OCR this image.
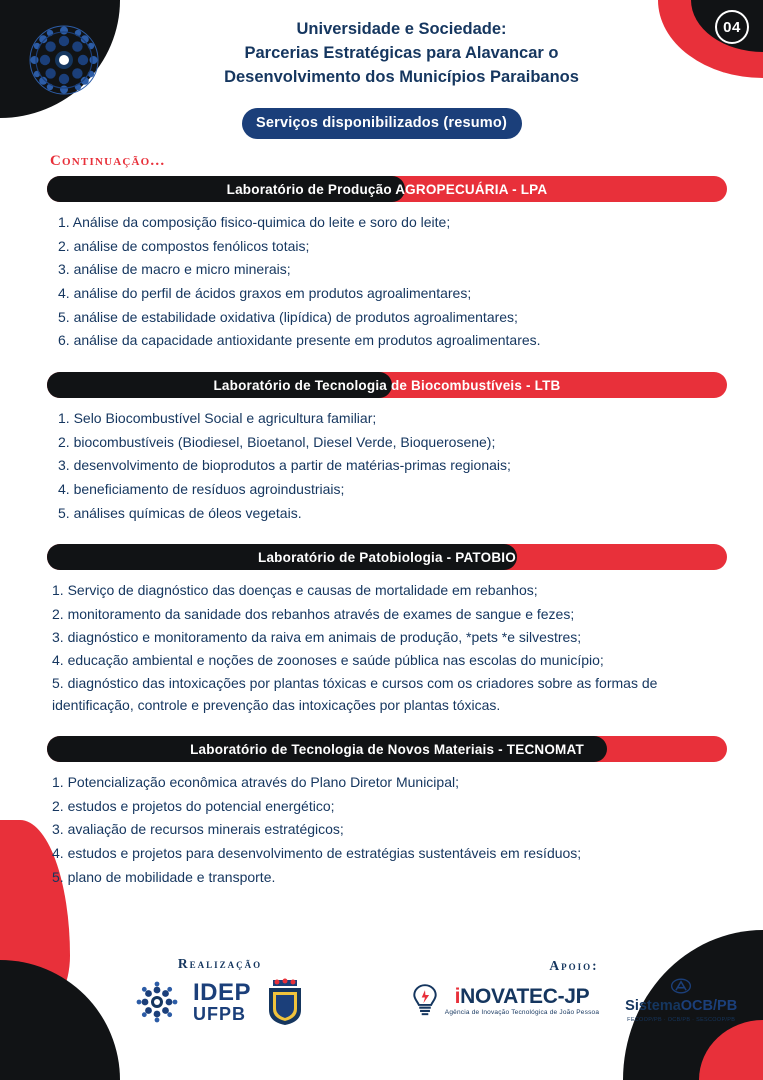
04
Universidade e Sociedade:
Parcerias Estratégicas para Alavancar o
Desenvolvimento dos Municípios Paraibanos
Serviços disponibilizados (resumo)
Continuação...
Laboratório de Produção AGROPECUÁRIA - LPA
1. Análise da composição fisico-quimica do leite e soro do leite;
2. análise de compostos fenólicos totais;
3. análise de macro e micro minerais;
4. análise do perfil de ácidos graxos em produtos agroalimentares;
5. análise de estabilidade oxidativa (lipídica) de produtos agroalimentares;
6. análise da capacidade antioxidante presente em produtos agroalimentares.
Laboratório de Tecnologia de Biocombustíveis - LTB
1. Selo Biocombustível Social e agricultura familiar;
2. biocombustíveis (Biodiesel, Bioetanol, Diesel Verde, Bioquerosene);
3. desenvolvimento de bioprodutos a partir de matérias-primas regionais;
4. beneficiamento de resíduos agroindustriais;
5. análises químicas de óleos vegetais.
Laboratório de Patobiologia - PATOBIO
1. Serviço de diagnóstico das doenças e causas de mortalidade em rebanhos;
2. monitoramento da sanidade dos rebanhos através de exames de sangue e fezes;
3. diagnóstico e monitoramento da raiva em animais de produção, *pets *e silvestres;
4. educação ambiental e noções de zoonoses e saúde pública nas escolas do município;
5. diagnóstico das intoxicações por plantas tóxicas e cursos com os criadores sobre as formas de identificação, controle e prevenção das intoxicações por plantas tóxicas.
Laboratório de Tecnologia de Novos Materiais - TECNOMAT
1. Potencialização econômica através do Plano Diretor Municipal;
2. estudos e projetos do potencial energético;
3. avaliação de recursos minerais estratégicos;
4. estudos e projetos para desenvolvimento de estratégias sustentáveis em resíduos;
5. plano de mobilidade e transporte.
Realização
IDEP
UFPB
Apoio:
iNOVATEC-JP
Agência de Inovação Tecnológica de João Pessoa SistemaOCB/PB
FECOOP/PB · OCB/PB · SESCOOP/PB
